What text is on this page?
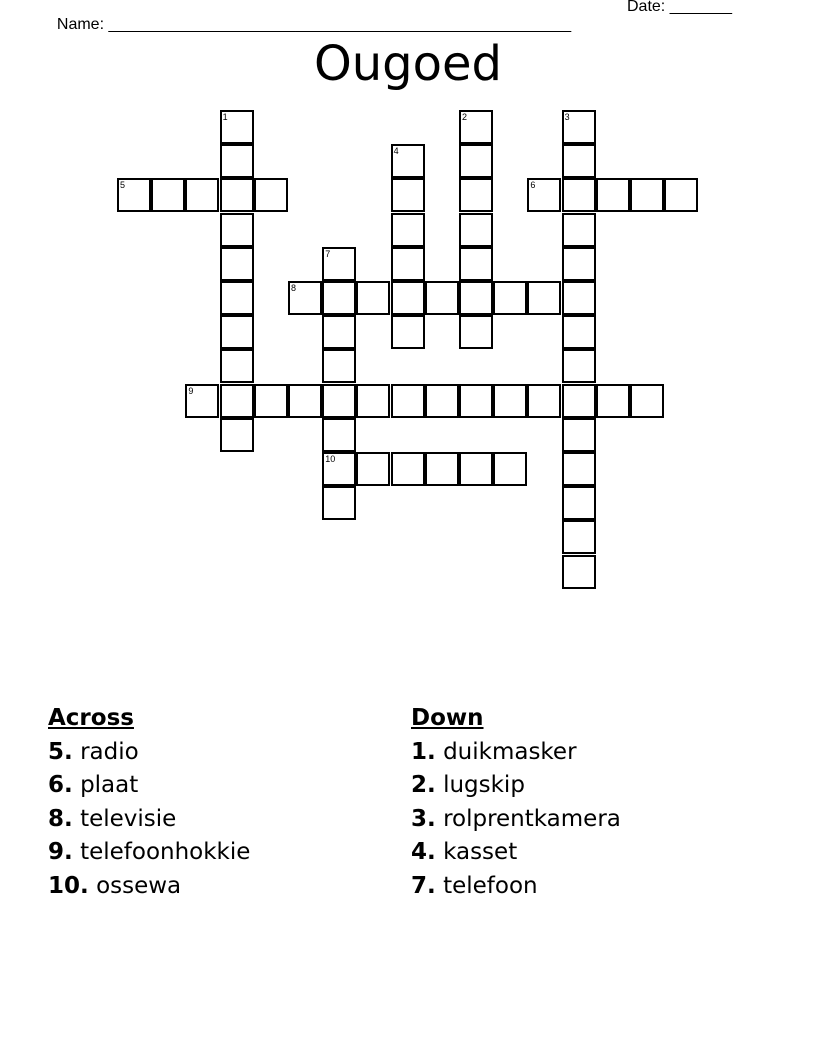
Name: ____________________________________________________

Date: _______

Ougoed
1	2	3
4
5	6
7
10
8
9
Across
5. radio
6. plaat
8. televisie
9. telefoonhokkie
10. ossewa
Down
1. duikmasker
2. lugskip
3. rolprentkamera
4. kasset
7. telefoon
